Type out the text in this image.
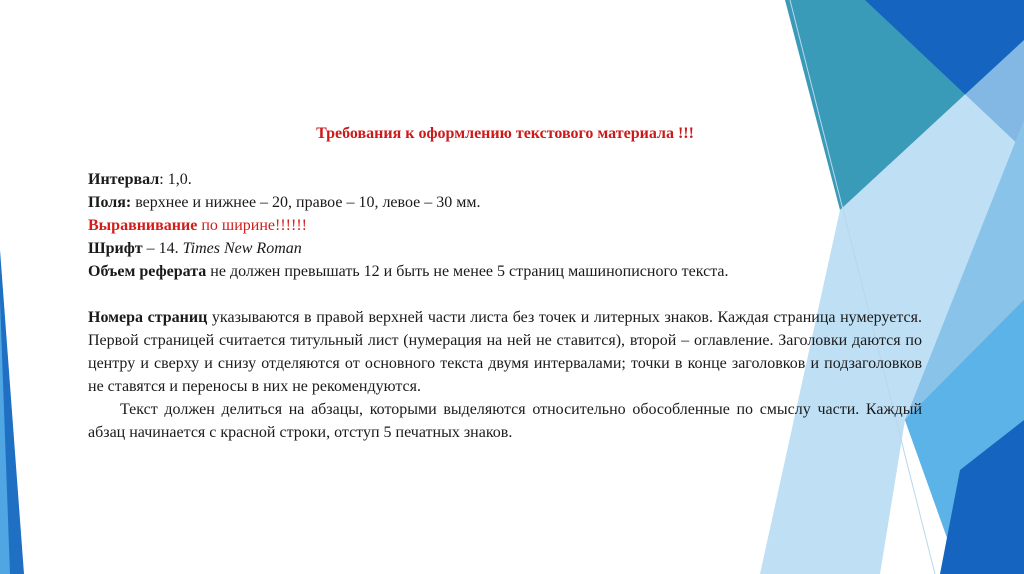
Требования к оформлению текстового материала !!!

Интервал: 1,0.

Поля: верхнее и нижнее – 20, правое – 10, левое – 30 мм.

Выравнивание по ширине!!!!!!

Шрифт – 14. Times New Roman

Объем реферата не должен превышать 12 и быть не менее 5 страниц машинописного текста.

Номера страниц указываются в правой верхней части листа без точек и литерных знаков. Каждая страница нумеруется. Первой страницей считается титульный лист (нумерация на ней не ставится), второй – оглавление. Заголовки даются по центру и сверху и снизу отделяются от основного текста двумя интервалами; точки в конце заголовков и подзаголовков не ставятся и переносы в них не рекомендуются.

Текст должен делиться на абзацы, которыми выделяются относительно обособленные по смыслу части. Каждый абзац начинается с красной строки, отступ 5 печатных знаков.
